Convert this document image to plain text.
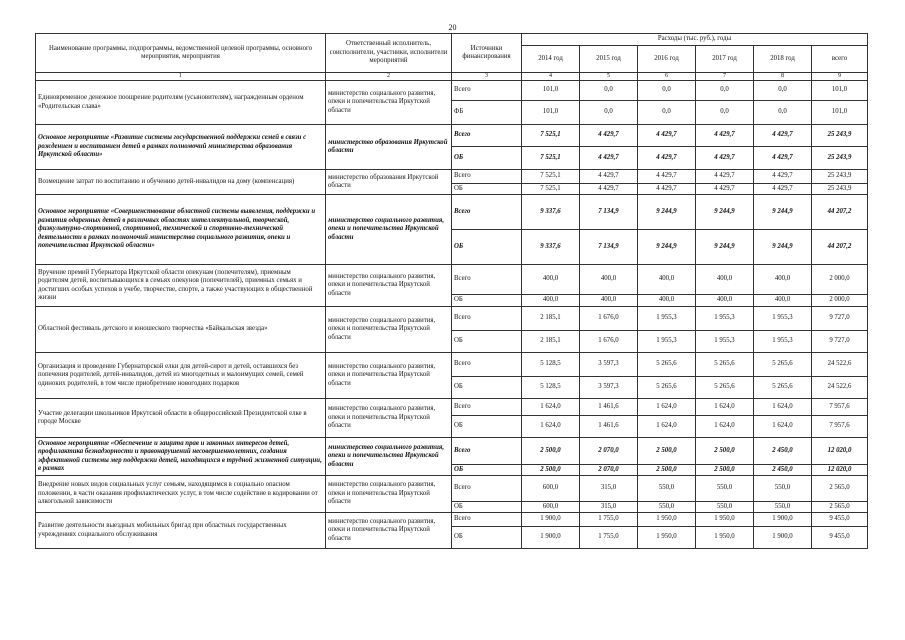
20
Наименование программы, подпрограммы, ведомственной целевой программы, основного мероприятия, мероприятия	Ответственный исполнитель, соисполнители, участники, исполнители мероприятий	Источники финансирования	Расходы (тыс. руб.), годы					
			2014 год	2015 год	2016 год	2017 год	2018 год	всего
1	2	3	4	5	6	7	8	9
Единовременное денежное поощрение родителям (усыновителям), награжденным орденом «Родительская слава»	министерство социального развития, опеки и попечительства Иркутской области	Всего	101,0	0,0	0,0	0,0	0,0	101,0
		ФБ	101,0	0,0	0,0	0,0	0,0	101,0
Основное мероприятие «Развитие системы государственной поддержки семей в связи с рождением и воспитанием детей в рамках полномочий министерства образования Иркутской области»	министерство образования Иркутской области	Всего	7 525,1	4 429,7	4 429,7	4 429,7	4 429,7	25 243,9
		ОБ	7 525,1	4 429,7	4 429,7	4 429,7	4 429,7	25 243,9
Возмещение затрат по воспитанию и обучению детей-инвалидов на дому (компенсация)	министерство образования Иркутской области	Всего	7 525,1	4 429,7	4 429,7	4 429,7	4 429,7	25 243,9
		ОБ	7 525,1	4 429,7	4 429,7	4 429,7	4 429,7	25 243,9
Основное мероприятие «Совершенствование областной системы выявления, поддержки и развития одаренных детей в различных областях интеллектуальной, творческой, физкультурно-спортивной, спортивной, технической и спортивно-технической деятельности в рамках полномочий министерства социального развития, опеки и попечительства Иркутской области»	министерство социального развития, опеки и попечительства Иркутской области	Всего	9 337,6	7 134,9	9 244,9	9 244,9	9 244,9	44 207,2
		ОБ	9 337,6	7 134,9	9 244,9	9 244,9	9 244,9	44 207,2
Вручение премий Губернатора Иркутской области опекунам (попечителям), приемным родителям детей, воспитывающихся в семьях опекунов (попечителей), приемных семьях и достигших особых успехов в учебе, творчестве, спорте, а также участвующих в общественной жизни	министерство социального развития, опеки и попечительства Иркутской области	Всего	400,0	400,0	400,0	400,0	400,0	2 000,0
		ОБ	400,0	400,0	400,0	400,0	400,0	2 000,0
Областной фестиваль детского и юношеского творчества «Байкальская звезда»	министерство социального развития, опеки и попечительства Иркутской области	Всего	2 185,1	1 676,0	1 955,3	1 955,3	1 955,3	9 727,0
		ОБ	2 185,1	1 676,0	1 955,3	1 955,3	1 955,3	9 727,0
Организация и проведение Губернаторской елки для детей-сирот и детей, оставшихся без попечения родителей, детей-инвалидов, детей из многодетных и малоимущих семей, семей одиноких родителей, в том числе приобретение новогодних подарков	министерство социального развития, опеки и попечительства Иркутской области	Всего	5 128,5	3 597,3	5 265,6	5 265,6	5 265,6	24 522,6
		ОБ	5 128,5	3 597,3	5 265,6	5 265,6	5 265,6	24 522,6
Участие делегации школьников Иркутской области в общероссийской Президентской елке в городе Москве	министерство социального развития, опеки и попечительства Иркутской области	Всего	1 624,0	1 461,6	1 624,0	1 624,0	1 624,0	7 957,6
		ОБ	1 624,0	1 461,6	1 624,0	1 624,0	1 624,0	7 957,6
Основное мероприятие «Обеспечение и защита прав и законных интересов детей, профилактика безнадзорности и правонарушений несовершеннолетних, создания эффективной системы мер поддержки детей, находящихся в трудной жизненной ситуации, в рамках	министерство социального развития, опеки и попечительства Иркутской области	Всего	2 500,0	2 070,0	2 500,0	2 500,0	2 450,0	12 020,0
		ОБ	2 500,0	2 070,0	2 500,0	2 500,0	2 450,0	12 020,0
Внедрение новых видов социальных услуг семьям, находящимся в социально опасном положении, в части оказания профилактических услуг, в том числе содействие в кодировании от алкогольной зависимости	министерство социального развития, опеки и попечительства Иркутской области	Всего	600,0	315,0	550,0	550,0	550,0	2 565,0
		ОБ	600,0	315,0	550,0	550,0	550,0	2 565,0
Развитие деятельности выездных мобильных бригад при областных государственных учреждениях социального обслуживания	министерство социального развития, опеки и попечительства Иркутской области	Всего	1 900,0	1 755,0	1 950,0	1 950,0	1 900,0	9 455,0
		ОБ	1 900,0	1 755,0	1 950,0	1 950,0	1 900,0	9 455,0
